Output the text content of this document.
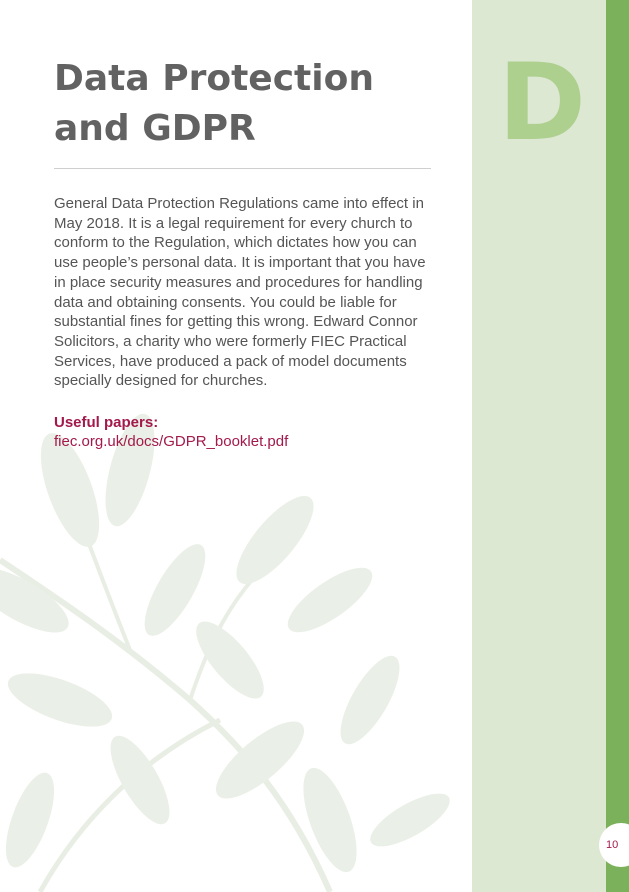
D
Data Protection
and GDPR

General Data Protection Regulations came into effect in May 2018. It is a legal requirement for every church to conform to the Regulation, which dictates how you can use people’s personal data. It is important that you have in place security measures and procedures for handling data and obtaining consents. You could be liable for substantial fines for getting this wrong. Edward Connor Solicitors, a charity who were formerly FIEC Practical Services, have produced a pack of model documents specially designed for churches.

Useful papers:

fiec.org.uk/docs/GDPR_booklet.pdf
10
